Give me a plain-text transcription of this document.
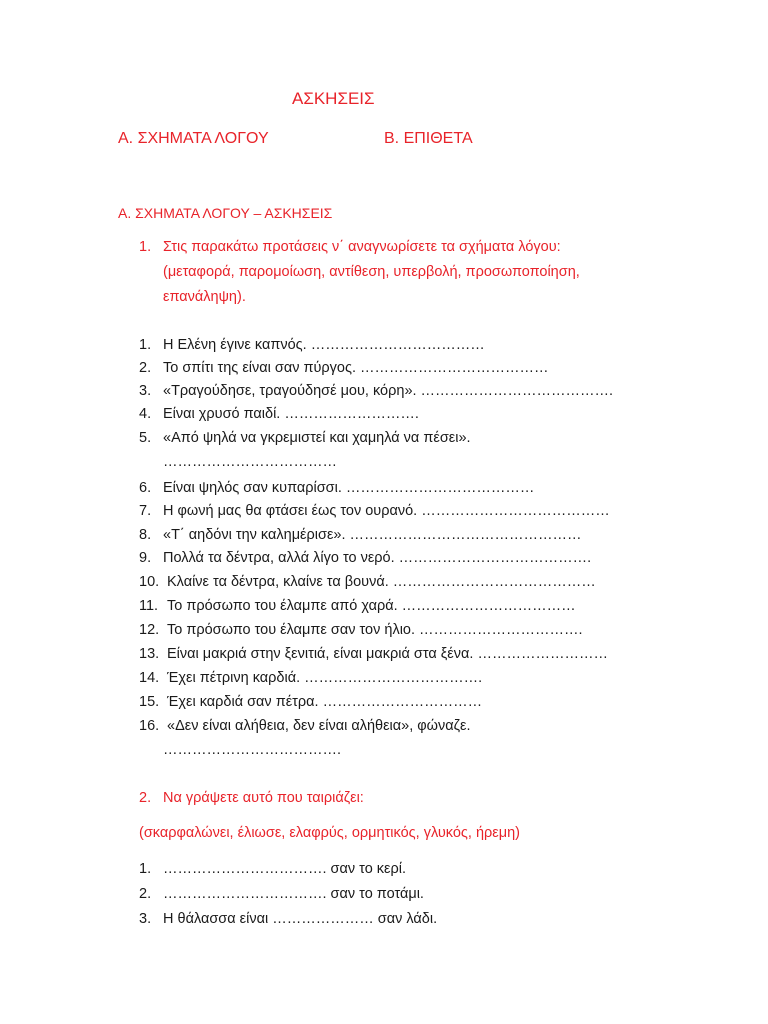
ΑΣΚΗΣΕΙΣ
Α. ΣΧΗΜΑΤΑ ΛΟΓΟΥ	Β. ΕΠΙΘΕΤΑ
Α. ΣΧΗΜΑΤΑ ΛΟΓΟΥ – ΑΣΚΗΣΕΙΣ
1. Στις παρακάτω προτάσεις ν΄ αναγνωρίσετε τα σχήματα λόγου:
(μεταφορά, παρομοίωση, αντίθεση, υπερβολή, προσωποποίηση,
επανάληψη).
1. Η Ελένη έγινε καπνός. ………………………………
2. Το σπίτι της είναι σαν πύργος. …………………………………
3. «Τραγούδησε, τραγούδησέ μου, κόρη». ………………………………….
4. Είναι χρυσό παιδί. ……………………….
5. «Από ψηλά να γκρεμιστεί και χαμηλά να πέσει».
………………………………
6. Είναι ψηλός σαν κυπαρίσσι. …………………………………
7. Η φωνή μας θα φτάσει έως τον ουρανό. …………………………………
8. «Τ΄ αηδόνι την καλημέρισε». …………………………………………
9. Πολλά τα δέντρα, αλλά λίγο το νερό. ………………………………….
10. Κλαίνε τα δέντρα, κλαίνε τα βουνά. ……………………………………
11. Το πρόσωπο του έλαμπε από χαρά. ………………………………
12. Το πρόσωπο του έλαμπε σαν τον ήλιο. …………………………….
13. Είναι μακριά στην ξενιτιά, είναι μακριά στα ξένα. ………………………
14. Έχει πέτρινη καρδιά. ……………………………….
15. Έχει καρδιά σαν πέτρα. ……………………………
16. «Δεν είναι αλήθεια, δεν είναι αλήθεια», φώναζε.
……………………………….
2. Να γράψετε αυτό που ταιριάζει:
(σκαρφαλώνει, έλιωσε, ελαφρύς, ορμητικός, γλυκός, ήρεμη)
1. ……………………………. σαν το κερί.
2. ……………………………. σαν το ποτάμι.
3. Η θάλασσα είναι ………………… σαν λάδι.
